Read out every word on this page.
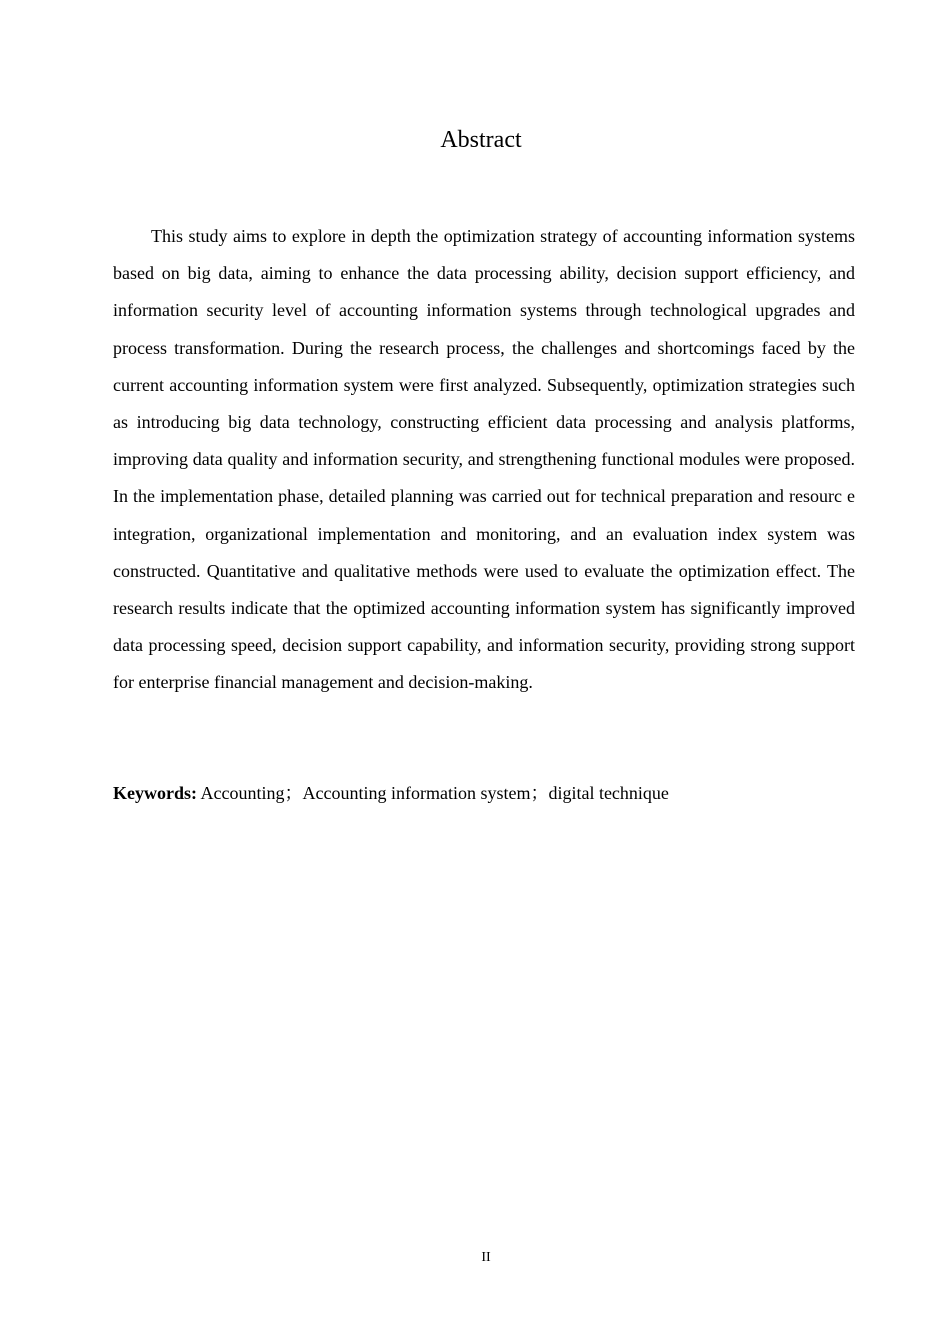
Abstract

This study aims to explore in depth the optimization strategy of accounting information systems based on big data, aiming to enhance the data processing ability, decision support efficiency, and information security level of accounting information systems through technological upgrades and process transformation. During the research process, the challenges and shortcomings faced by the current accounting information system were first analyzed. Subsequently, optimization strategies such as introducing big data technology, constructing efficient data processing and analysis platforms, improving data quality and information security, and strengthening functional modules were proposed. In the implementation phase, detailed planning was carried out for technical preparation and resourc e integration, organizational implementation and monitoring, and an evaluation index system was constructed. Quantitative and qualitative methods were used to evaluate the optimization effect. The research results indicate that the optimized accounting information system has significantly improved data processing speed, decision support capability, and information security, providing strong support for enterprise financial management and decision-making.

Keywords: Accounting；Accounting information system；digital technique
II
